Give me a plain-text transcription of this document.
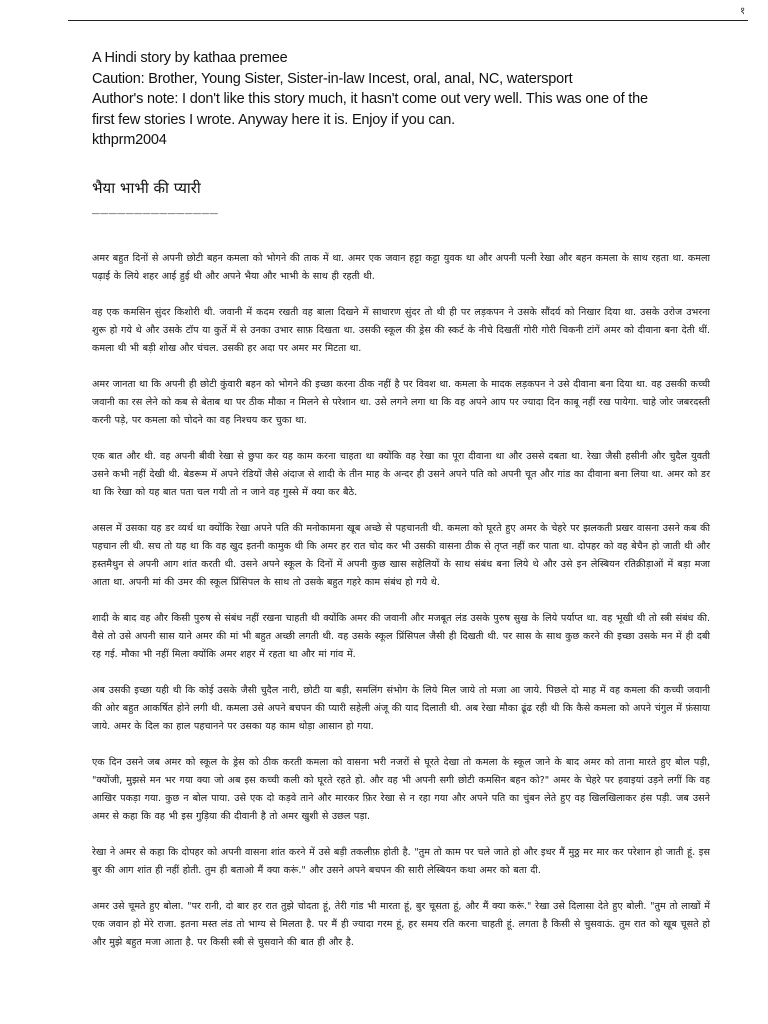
१
A Hindi story by kathaa premee
Caution: Brother, Young Sister, Sister-in-law Incest, oral, anal, NC, watersport
Author's note: I don't like this story much, it hasn't come out very well. This was one of the
first few stories I wrote. Anyway here it is. Enjoy if you can.
kthprm2004
भैया भाभी की प्यारी
_______________

अमर बहुत दिनों से अपनी छोटी बहन कमला को भोगने की ताक में था. अमर एक जवान हट्टा कट्टा युवक था और अपनी पत्नी रेखा और बहन कमला के साथ रहता था. कमला पढ़ाई के लिये शहर आई हुई थी और अपने भैया और भाभी के साथ ही रहती थी.

वह एक कमसिन सुंदर किशोरी थी. जवानी में कदम रखती वह बाला दिखने में साधारण सुंदर तो थी ही पर लड़कपन ने उसके सौंदर्य को निखार दिया था. उसके उरोज उभरना शुरू हो गये थे और उसके टॉप या कुर्ते में से उनका उभार साफ़ दिखता था. उसकी स्कूल की ड्रेस की स्कर्ट के नीचे दिखतीं गोरी गोरी चिकनी टांगें अमर को दीवाना बना देती थीं. कमला थी भी बड़ी शोख और चंचल. उसकी हर अदा पर अमर मर मिटता था.

अमर जानता था कि अपनी ही छोटी कुंवारी बहन को भोगने की इच्छा करना ठीक नहीं है पर विवश था. कमला के मादक लड़कपन ने उसे दीवाना बना दिया था. वह उसकी कच्ची जवानी का रस लेने को कब से बेताब था पर ठीक मौका न मिलने से परेशान था. उसे लगने लगा था कि वह अपने आप पर ज्यादा दिन काबू नहीं रख पायेगा. चाहे जोर जबरदस्ती करनी पड़े, पर कमला को चोदने का वह निश्चय कर चुका था.

एक बात और थी. वह अपनी बीवी रेखा से छुपा कर यह काम करना चाहता था क्योंकि वह रेखा का पूरा दीवाना था और उससे दबता था. रेखा जैसी हसीनी और चुदैल युवती उसने कभी नहीं देखी थी. बेडरूम में अपने रंडियों जैसे अंदाज से शादी के तीन माह के अन्दर ही उसने अपने पति को अपनी चूत और गांड का दीवाना बना लिया था. अमर को डर था कि रेखा को यह बात पता चल गयी तो न जाने वह गुस्से में क्या कर बैठे.

असल में उसका यह डर व्यर्थ था क्योंकि रेखा अपने पति की मनोकामना खूब अच्छे से पहचानती थी. कमला को घूरते हुए अमर के चेहरे पर झलकती प्रखर वासना उसने कब की पहचान ली थी. सच तो यह था कि वह खुद इतनी कामुक थी कि अमर हर रात चोद कर भी उसकी वासना ठीक से तृप्त नहीं कर पाता था. दोपहर को वह बेचैन हो जाती थी और हस्तमैथुन से अपनी आग शांत करती थी. उसने अपने स्कूल के दिनों में अपनी कुछ खास सहेलियों के साथ संबंध बना लिये थे और उसे इन लेस्बियन रतिक्रीड़ाओं में बड़ा मजा आता था. अपनी मां की उमर की स्कूल प्रिंसिपल के साथ तो उसके बहुत गहरे काम संबंध हो गये थे.

शादी के बाद वह और किसी पुरुष से संबंध नहीं रखना चाहती थी क्योंकि अमर की जवानी और मजबूत लंड उसके पुरुष सुख के लिये पर्याप्त था. वह भूखी थी तो स्त्री संबंध की. वैसे तो उसे अपनी सास याने अमर की मां भी बहुत अच्छी लगती थी. वह उसके स्कूल प्रिंसिपल जैसी ही दिखती थी. पर सास के साथ कुछ करने की इच्छा उसके मन में ही दबी रह गई. मौका भी नहीं मिला क्योंकि अमर शहर में रहता था और मां गांव में.

अब उसकी इच्छा यही थी कि कोई उसके जैसी चुदैल नारी, छोटी या बड़ी, समलिंग संभोग के लिये मिल जाये तो मजा आ जाये. पिछले दो माह में वह कमला की कच्ची जवानी की ओर बहुत आकर्षित होने लगी थी. कमला उसे अपने बचपन की प्यारी सहेली अंजू की याद दिलाती थी. अब रेखा मौका ढूंढ रही थी कि कैसे कमला को अपने चंगुल में फ़ंसाया जाये. अमर के दिल का हाल पहचानने पर उसका यह काम थोड़ा आसान हो गया.

एक दिन उसने जब अमर को स्कूल के ड्रेस को ठीक करती कमला को वासना भरी नजरों से घूरते देखा तो कमला के स्कूल जाने के बाद अमर को ताना मारते हुए बोल पड़ी, "क्योंजी, मुझसे मन भर गया क्या जो अब इस कच्ची कली को घूरते रहते हो. और वह भी अपनी सगी छोटी कमसिन बहन को?" अमर के चेहरे पर हवाइयां उड़ने लगीं कि वह आखिर पकड़ा गया. कुछ न बोल पाया. उसे एक दो कड़वे ताने और मारकर फ़िर रेखा से न रहा गया और अपने पति का चुंबन लेते हुए वह खिलखिलाकर हंस पड़ी. जब उसने अमर से कहा कि वह भी इस गुड़िया की दीवानी है तो अमर खुशी से उछल पड़ा.

रेखा ने अमर से कहा कि दोपहर को अपनी वासना शांत करने में उसे बड़ी तकलीफ़ होती है. "तुम तो काम पर चले जाते हो और इधर मैं मुठ्ठ मर मार कर परेशान हो जाती हूं. इस बुर की आग शांत ही नहीं होती. तुम ही बताओ मैं क्या करूं." और उसने अपने बचपन की सारी लेस्बियन कथा अमर को बता दी.

अमर उसे चूमते हुए बोला. "पर रानी, दो बार हर रात तुझे चोदता हूं, तेरी गांड भी मारता हूं, बुर चूसता हूं, और मैं क्या करूं." रेखा उसे दिलासा देते हुए बोली. "तुम तो लाखों में एक जवान हो मेरे राजा. इतना मस्त लंड तो भाग्य से मिलता है. पर मैं ही ज्यादा गरम हूं, हर समय रति करना चाहती हूं. लगता है किसी से चुसवाऊं. तुम रात को खूब चूसते हो और मुझे बहुत मजा आता है. पर किसी स्त्री से चुसवाने की बात ही और है.
